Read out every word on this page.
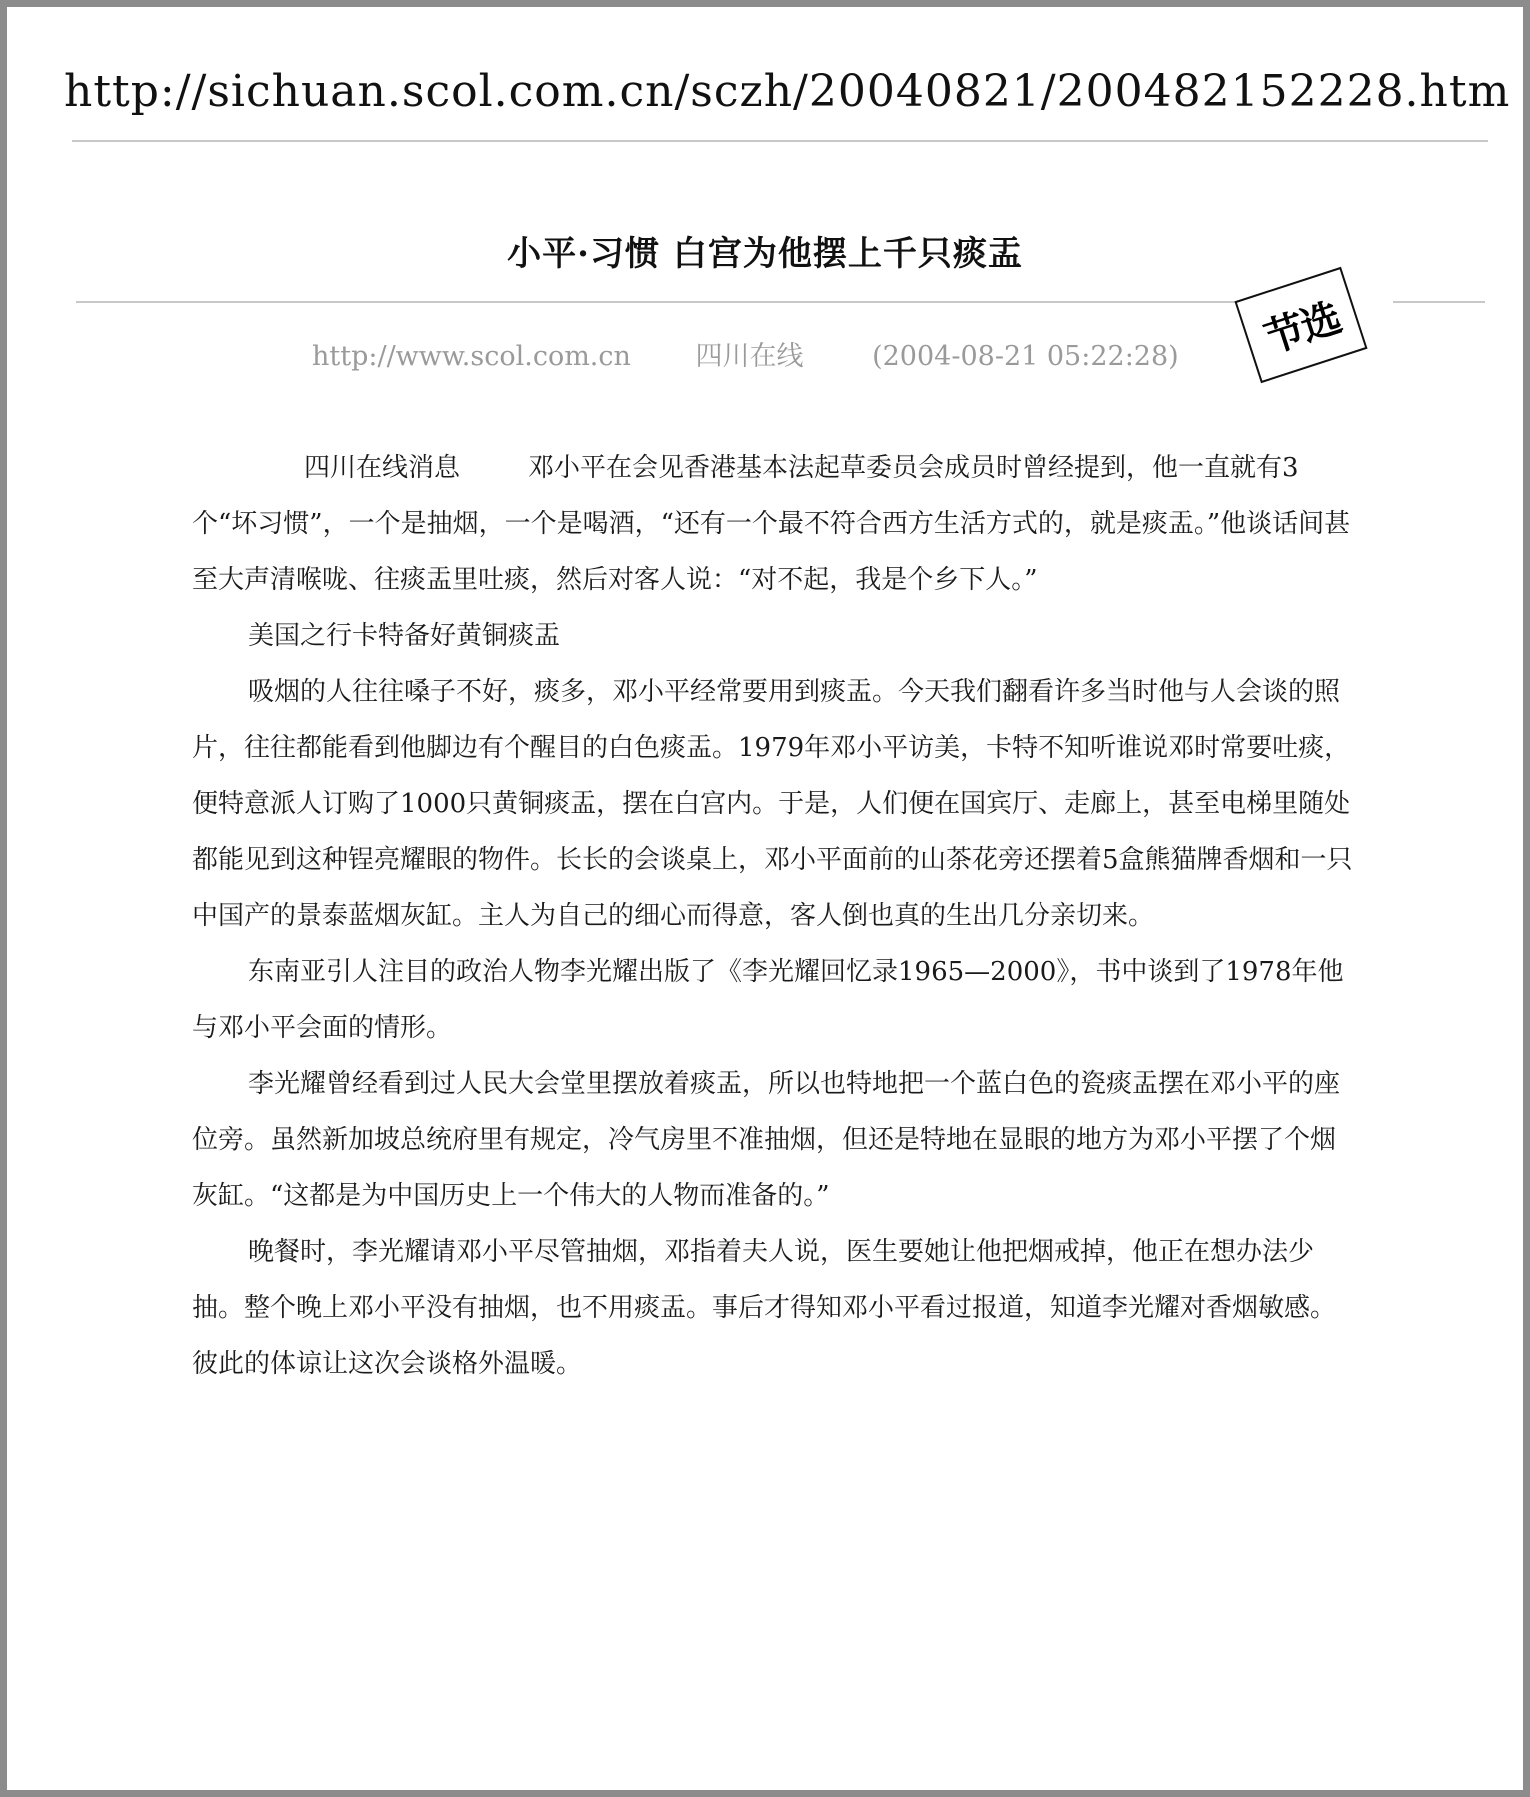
http://sichuan.scol.com.cn/sczh/20040821/200482152228.htm
小平·习惯 白宫为他摆上千只痰盂
http://www.scol.com.cn 四川在线	(2004-08-21 05:22:28) 节选

四川在线消息	邓小平在会见香港基本法起草委员会成员时曾经提到，他一直就有3个“坏习惯”，一个是抽烟，一个是喝酒，“还有一个最不符合西方生活方式的，就是痰盂。”他谈话间甚至大声清喉咙、往痰盂里吐痰，然后对客人说：“对不起，我是个乡下人。”

美国之行卡特备好黄铜痰盂

吸烟的人往往嗓子不好，痰多，邓小平经常要用到痰盂。今天我们翻看许多当时他与人会谈的照片，往往都能看到他脚边有个醒目的白色痰盂。1979年邓小平访美，卡特不知听谁说邓时常要吐痰，便特意派人订购了1000只黄铜痰盂，摆在白宫内。于是，人们便在国宾厅、走廊上，甚至电梯里随处都能见到这种锃亮耀眼的物件。长长的会谈桌上，邓小平面前的山茶花旁还摆着5盒熊猫牌香烟和一只中国产的景泰蓝烟灰缸。主人为自己的细心而得意，客人倒也真的生出几分亲切来。

东南亚引人注目的政治人物李光耀出版了《李光耀回忆录1965—2000》，书中谈到了1978年他与邓小平会面的情形。

李光耀曾经看到过人民大会堂里摆放着痰盂，所以也特地把一个蓝白色的瓷痰盂摆在邓小平的座位旁。虽然新加坡总统府里有规定，冷气房里不准抽烟，但还是特地在显眼的地方为邓小平摆了个烟灰缸。“这都是为中国历史上一个伟大的人物而准备的。”

晚餐时，李光耀请邓小平尽管抽烟，邓指着夫人说，医生要她让他把烟戒掉，他正在想办法少抽。整个晚上邓小平没有抽烟，也不用痰盂。事后才得知邓小平看过报道，知道李光耀对香烟敏感。彼此的体谅让这次会谈格外温暖。
